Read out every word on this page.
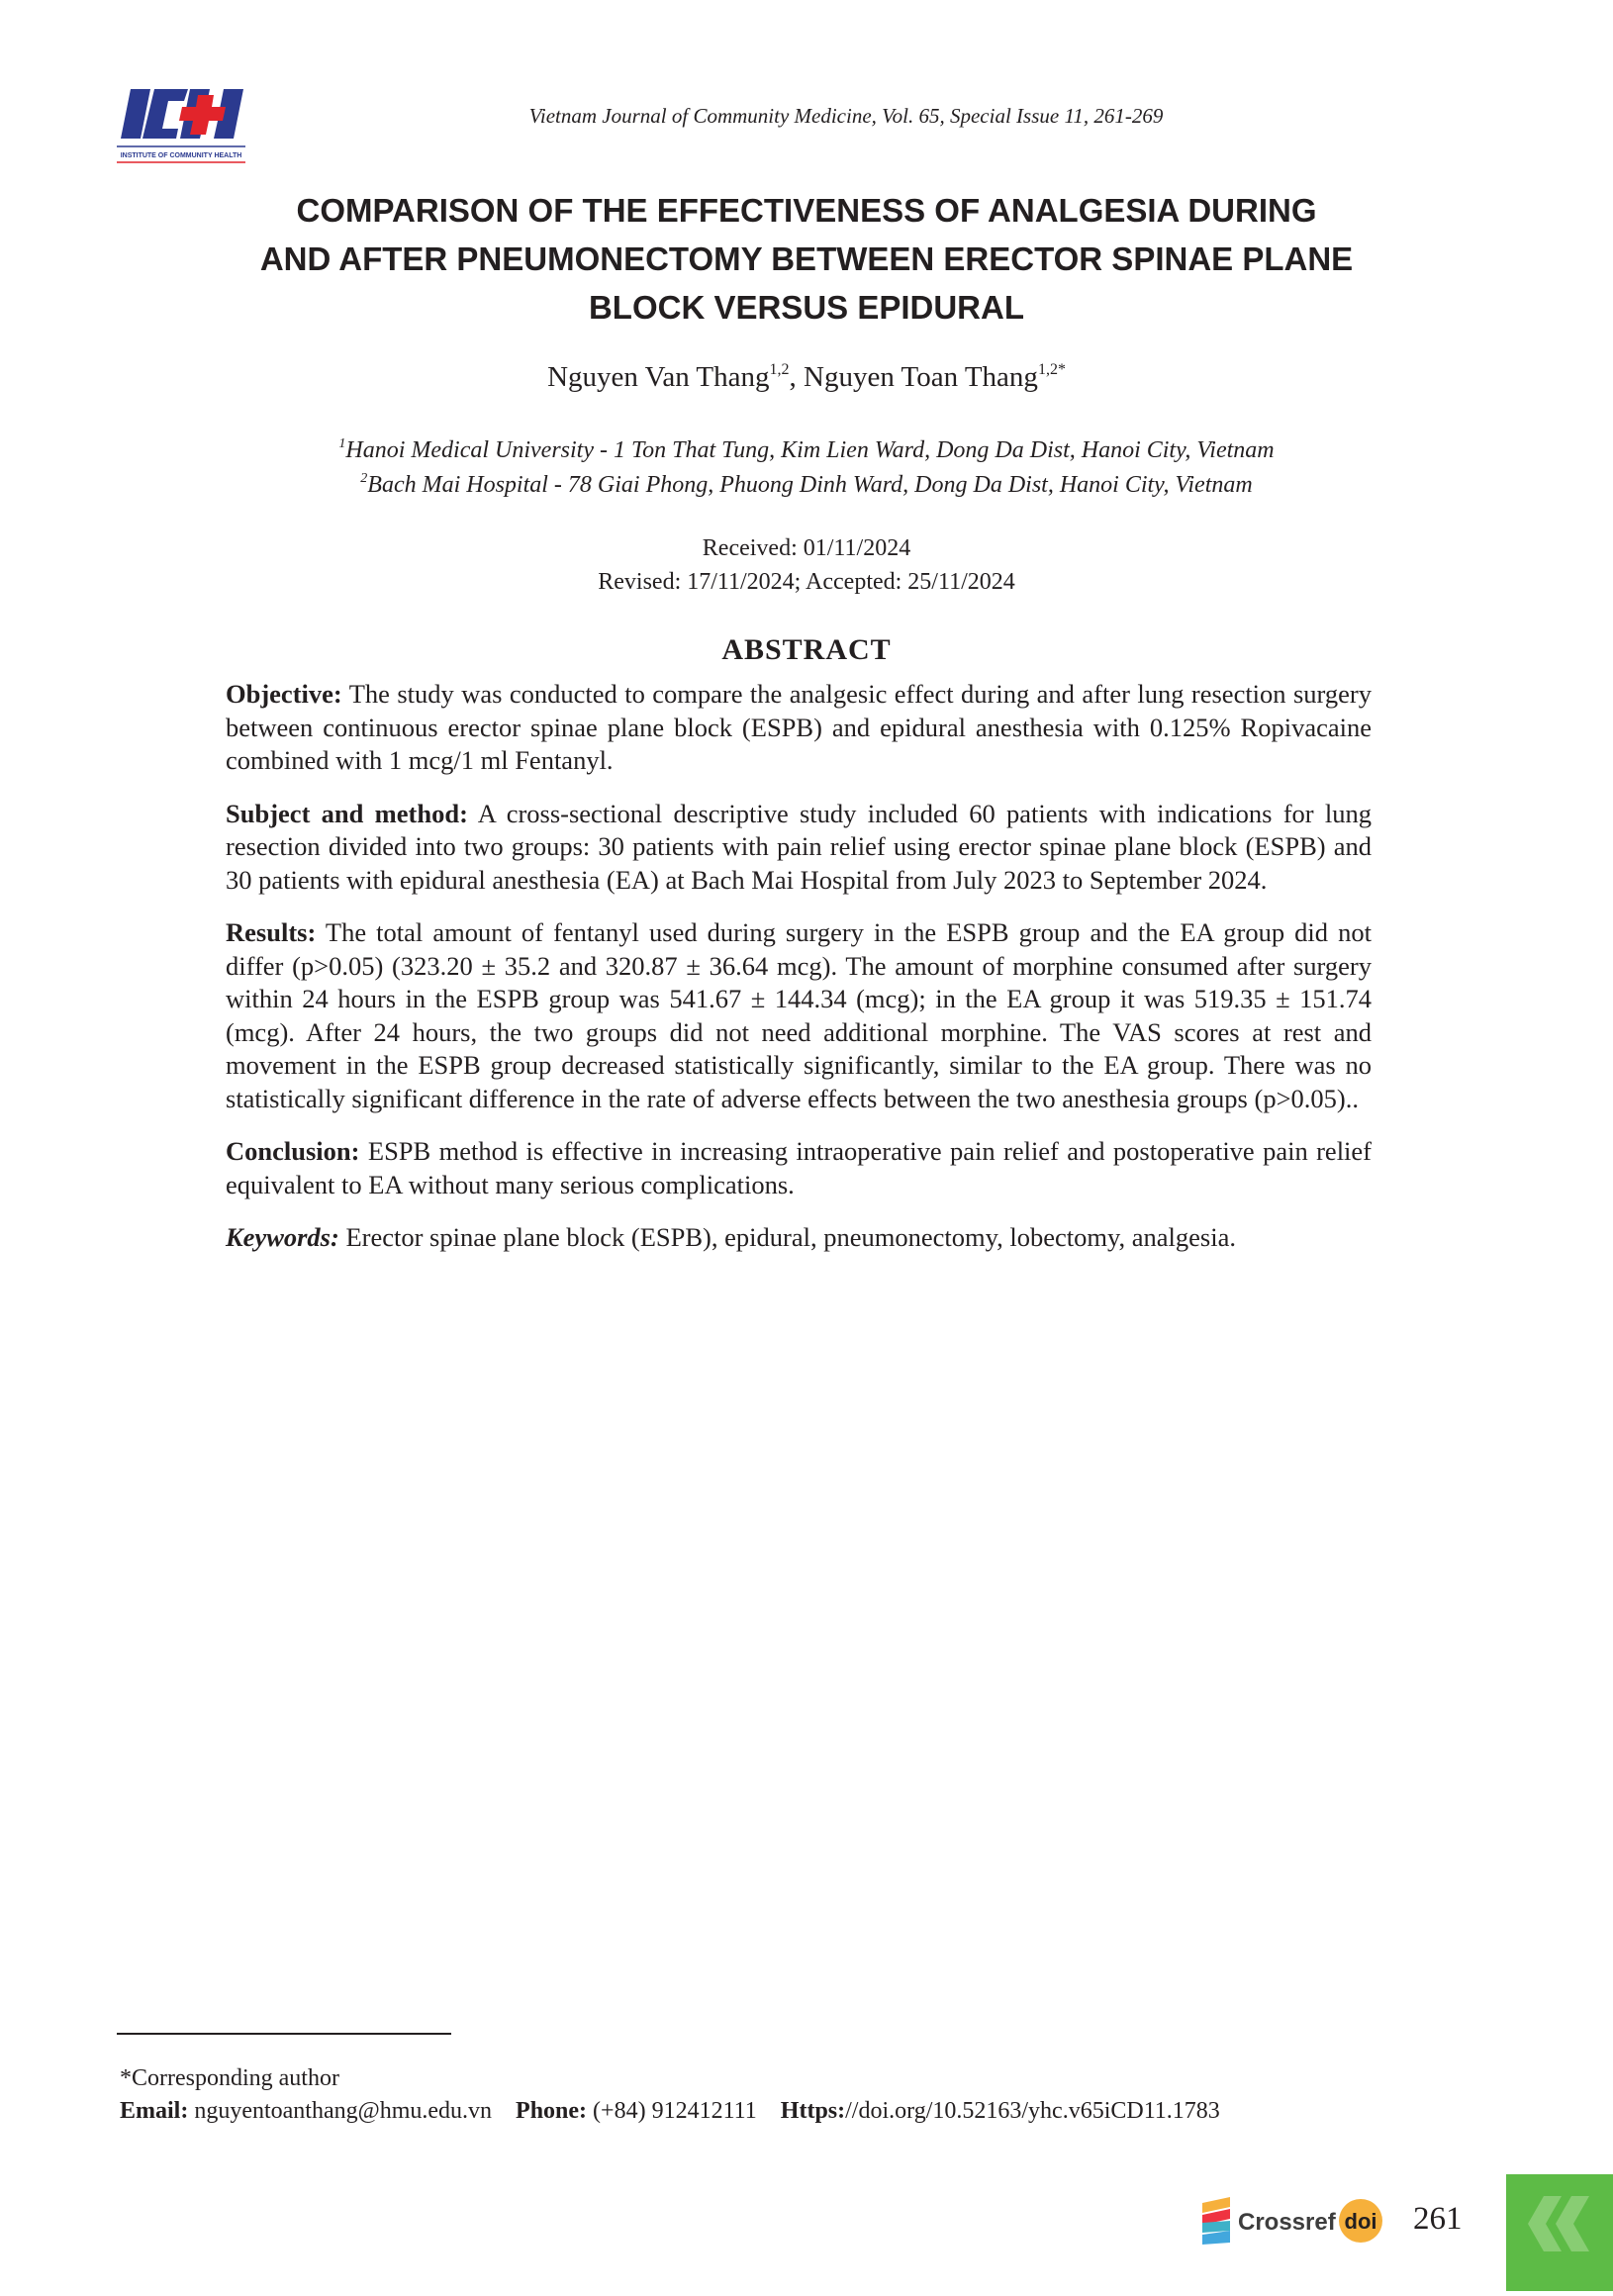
INSTITUTE OF COMMUNITY HEALTH
Vietnam Journal of Community Medicine, Vol. 65, Special Issue 11, 261-269
COMPARISON OF THE EFFECTIVENESS OF ANALGESIA DURING
AND AFTER PNEUMONECTOMY BETWEEN ERECTOR SPINAE PLANE
BLOCK VERSUS EPIDURAL
Nguyen Van Thang$^{1,2}$, Nguyen Toan Thang$^{1,2*}$
$^1$Hanoi Medical University - 1 Ton That Tung, Kim Lien Ward, Dong Da Dist, Hanoi City, Vietnam
$^2$Bach Mai Hospital - 78 Giai Phong, Phuong Dinh Ward, Dong Da Dist, Hanoi City, Vietnam
Received: 01/11/2024
Revised: 17/11/2024; Accepted: 25/11/2024
ABSTRACT

Objective: The study was conducted to compare the analgesic effect during and after lung resection surgery between continuous erector spinae plane block (ESPB) and epidural anesthesia with 0.125% Ropivacaine combined with 1 mcg/1 ml Fentanyl.

Subject and method: A cross-sectional descriptive study included 60 patients with indications for lung resection divided into two groups: 30 patients with pain relief using erector spinae plane block (ESPB) and 30 patients with epidural anesthesia (EA) at Bach Mai Hospital from July 2023 to September 2024.

Results: The total amount of fentanyl used during surgery in the ESPB group and the EA group did not differ (p>0.05) (323.20 ± 35.2 and 320.87 ± 36.64 mcg). The amount of morphine consumed after surgery within 24 hours in the ESPB group was 541.67 ± 144.34 (mcg); in the EA group it was 519.35 ± 151.74 (mcg). After 24 hours, the two groups did not need additional morphine. The VAS scores at rest and movement in the ESPB group decreased statistically significantly, similar to the EA group. There was no statistically significant difference in the rate of adverse effects between the two anesthesia groups (p>0.05)..

Conclusion: ESPB method is effective in increasing intraoperative pain relief and postoperative pain relief equivalent to EA without many serious complications.

Keywords: Erector spinae plane block (ESPB), epidural, pneumonectomy, lobectomy, analgesia.

*Corresponding author
Email: nguyentoanthang@hmu.edu.vn Phone: (+84) 912412111 Https://doi.org/10.52163/yhc.v65iCD11.1783
Crossref doi 261
